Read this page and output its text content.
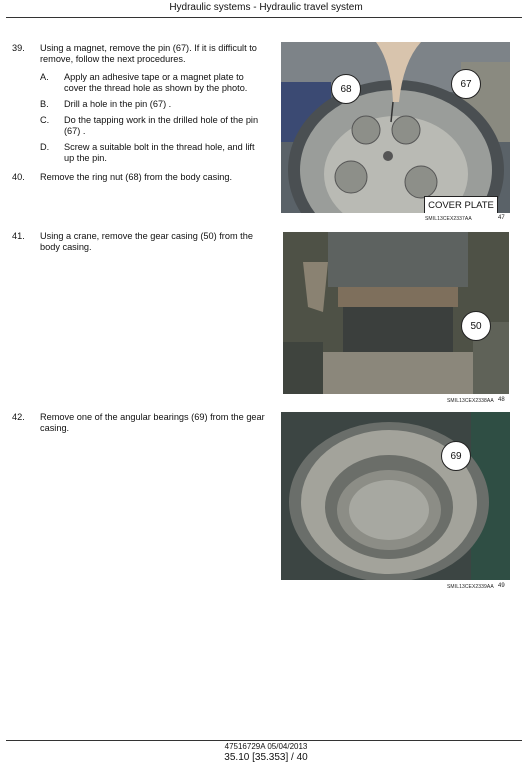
Hydraulic systems - Hydraulic travel system
39.	Using a magnet, remove the pin (67). If it is difficult to remove, follow the next procedures.
A.	Apply an adhesive tape or a magnet plate to cover the thread hole as shown by the photo.
B.	Drill a hole in the pin (67) .
C.	Do the tapping work in the drilled hole of the pin (67) .
D.	Screw a suitable bolt in the thread hole, and lift up the pin.
40.	Remove the ring nut (68) from the body casing.
41.	Using a crane, remove the gear casing (50) from the body casing.
42.	Remove one of the angular bearings (69) from the gear casing.
68	67
COVER PLATE
SMIL13CEX2337AA	47
50
SMIL13CEX2338AA 48
69
SMIL13CEX2339AA 49
47516729A 05/04/2013
35.10 [35.353] / 40
